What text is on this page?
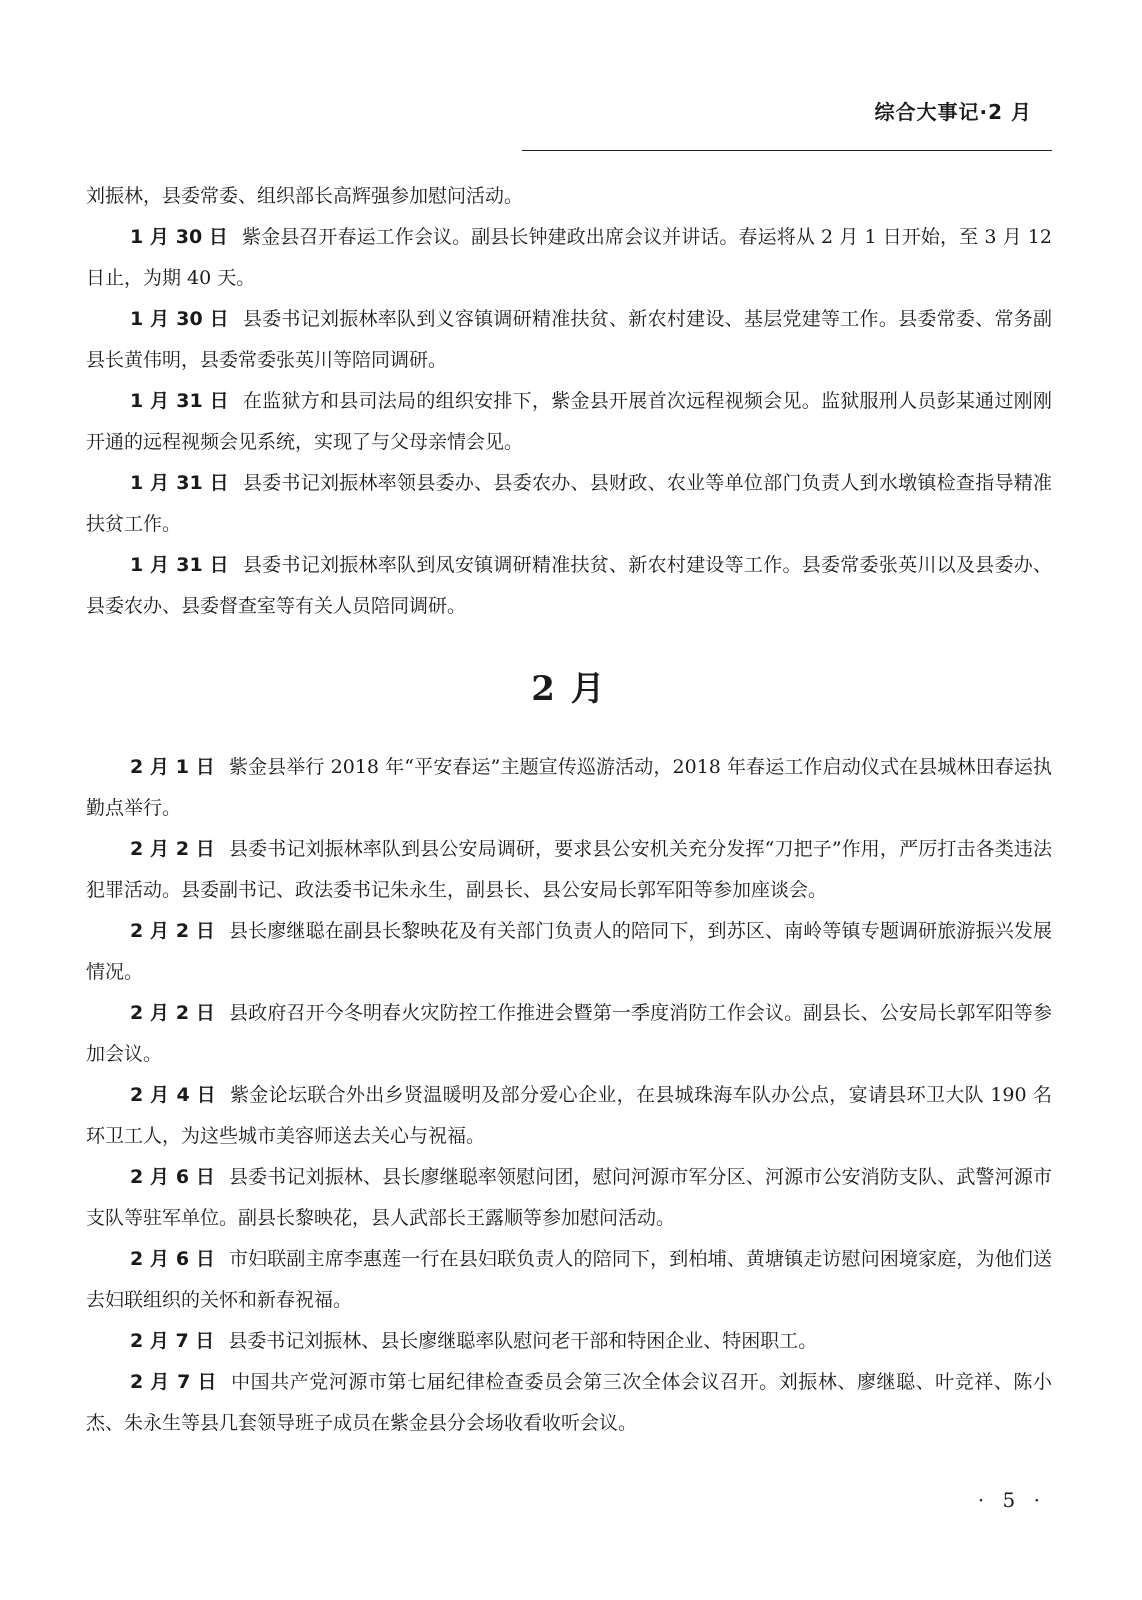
综合大事记·2 月

刘振林，县委常委、组织部长高辉强参加慰问活动。

1 月 30 日 紫金县召开春运工作会议。副县长钟建政出席会议并讲话。春运将从 2 月 1 日开始，至 3 月 12 日止，为期 40 天。

1 月 30 日 县委书记刘振林率队到义容镇调研精准扶贫、新农村建设、基层党建等工作。县委常委、常务副县长黄伟明，县委常委张英川等陪同调研。

1 月 31 日 在监狱方和县司法局的组织安排下，紫金县开展首次远程视频会见。监狱服刑人员彭某通过刚刚开通的远程视频会见系统，实现了与父母亲情会见。

1 月 31 日 县委书记刘振林率领县委办、县委农办、县财政、农业等单位部门负责人到水墩镇检查指导精准扶贫工作。

1 月 31 日 县委书记刘振林率队到凤安镇调研精准扶贫、新农村建设等工作。县委常委张英川以及县委办、县委农办、县委督查室等有关人员陪同调研。

2 月

2 月 1 日 紫金县举行 2018 年“平安春运”主题宣传巡游活动，2018 年春运工作启动仪式在县城林田春运执勤点举行。

2 月 2 日 县委书记刘振林率队到县公安局调研，要求县公安机关充分发挥“刀把子”作用，严厉打击各类违法犯罪活动。县委副书记、政法委书记朱永生，副县长、县公安局长郭军阳等参加座谈会。

2 月 2 日 县长廖继聪在副县长黎映花及有关部门负责人的陪同下，到苏区、南岭等镇专题调研旅游振兴发展情况。

2 月 2 日 县政府召开今冬明春火灾防控工作推进会暨第一季度消防工作会议。副县长、公安局长郭军阳等参加会议。

2 月 4 日 紫金论坛联合外出乡贤温暖明及部分爱心企业，在县城珠海车队办公点，宴请县环卫大队 190 名环卫工人，为这些城市美容师送去关心与祝福。

2 月 6 日 县委书记刘振林、县长廖继聪率领慰问团，慰问河源市军分区、河源市公安消防支队、武警河源市支队等驻军单位。副县长黎映花，县人武部长王露顺等参加慰问活动。

2 月 6 日 市妇联副主席李惠莲一行在县妇联负责人的陪同下，到柏埔、黄塘镇走访慰问困境家庭，为他们送去妇联组织的关怀和新春祝福。

2 月 7 日 县委书记刘振林、县长廖继聪率队慰问老干部和特困企业、特困职工。

2 月 7 日 中国共产党河源市第七届纪律检查委员会第三次全体会议召开。刘振林、廖继聪、叶竞祥、陈小杰、朱永生等县几套领导班子成员在紫金县分会场收看收听会议。

· 5 ·
